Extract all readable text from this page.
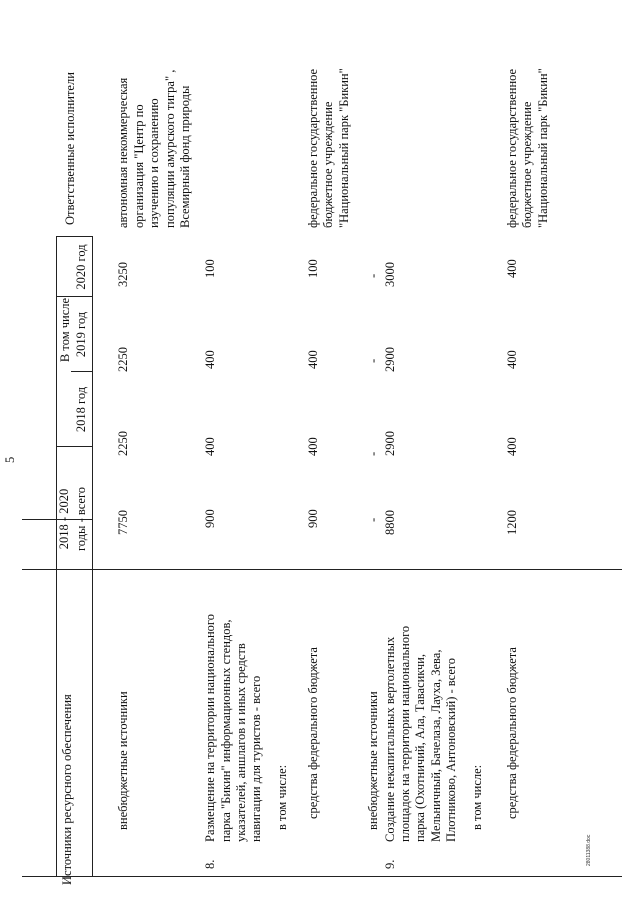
5
Источники ресурсного обеспечения
2018 - 2020 годы - всего
В том числе
2018 год
2019 год
2020 год
Ответственные исполнители
внебюджетные источники
7750
2250
2250
3250
автономная некоммерческая организация "Центр по изучению и сохранению популяции амурского тигра" , Всемирный фонд природы
8.
Размещение на территории национального парка "Бикин" информационных стендов, указателей, аншлагов и иных средств навигации для туристов - всего
900
400
400
100
в том числе: средства федерального бюджета
900
400
400
100
федеральное государственное бюджетное учреждение "Национальный парк "Бикин"
внебюджетные источники
-
-
-
-
9.
Создание некапитальных вертолетных площадок на территории национального парка (Охотничий, Ала, Тавасикчи, Мельничный, Бачелаза, Лауха, Зева, Плотниково, Антоновский) - всего
8800
2900
2900
3000
в том числе: средства федерального бюджета
1200
400
400
400
федеральное государственное бюджетное учреждение "Национальный парк "Бикин"
28011388.doc
